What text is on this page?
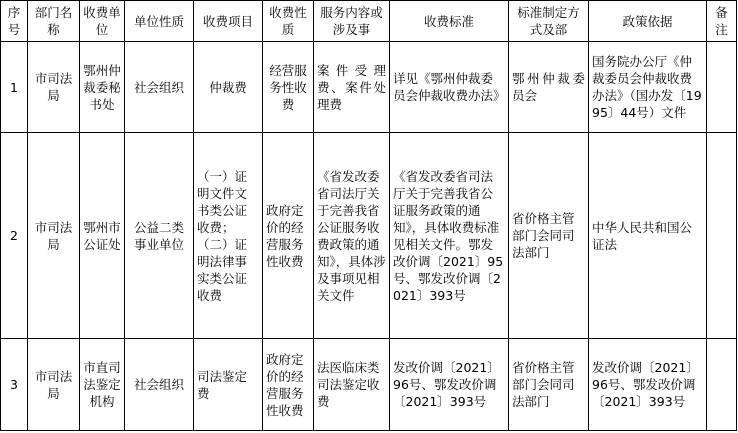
序号	部门名称	收费单位	单位性质	收费项目	收费性质	服务内容或涉及事	收费标准	标准制定方式及部	政策依据	备注
1	市司法局	鄂州仲裁委秘书处	社会组织	仲裁费	经营服务性收费	案件受理费、案件处理费	详见《鄂州仲裁委员会仲裁收费办法》	鄂州仲裁委员会	国务院办公厅《仲裁委员会仲裁收费办法》（国办发〔1995〕44号）文件	
2	市司法局	鄂州市公证处	公益二类事业单位	（一）证明文件文书类公证收费；（二）证明法律事实类公证收费	政府定价的经营服务性收费	《省发改委省司法厅关于完善我省公证服务收费政策的通知》，具体涉及事项见相关文件	《省发改委省司法厅关于完善我省公证服务政策的通知》，具体收费标准见相关文件。鄂发改价调〔2021〕95号、鄂发改价调〔2021〕393号	省价格主管部门会同司法部门	中华人民共和国公证法	
3	市司法局	市直司法鉴定机构	社会组织	司法鉴定费	政府定价的经营服务性收费	法医临床类司法鉴定收费	发改价调〔2021〕96号、鄂发改价调〔2021〕393号	省价格主管部门会同司法部门	发改价调〔2021〕96号、鄂发改价调〔2021〕393号	
